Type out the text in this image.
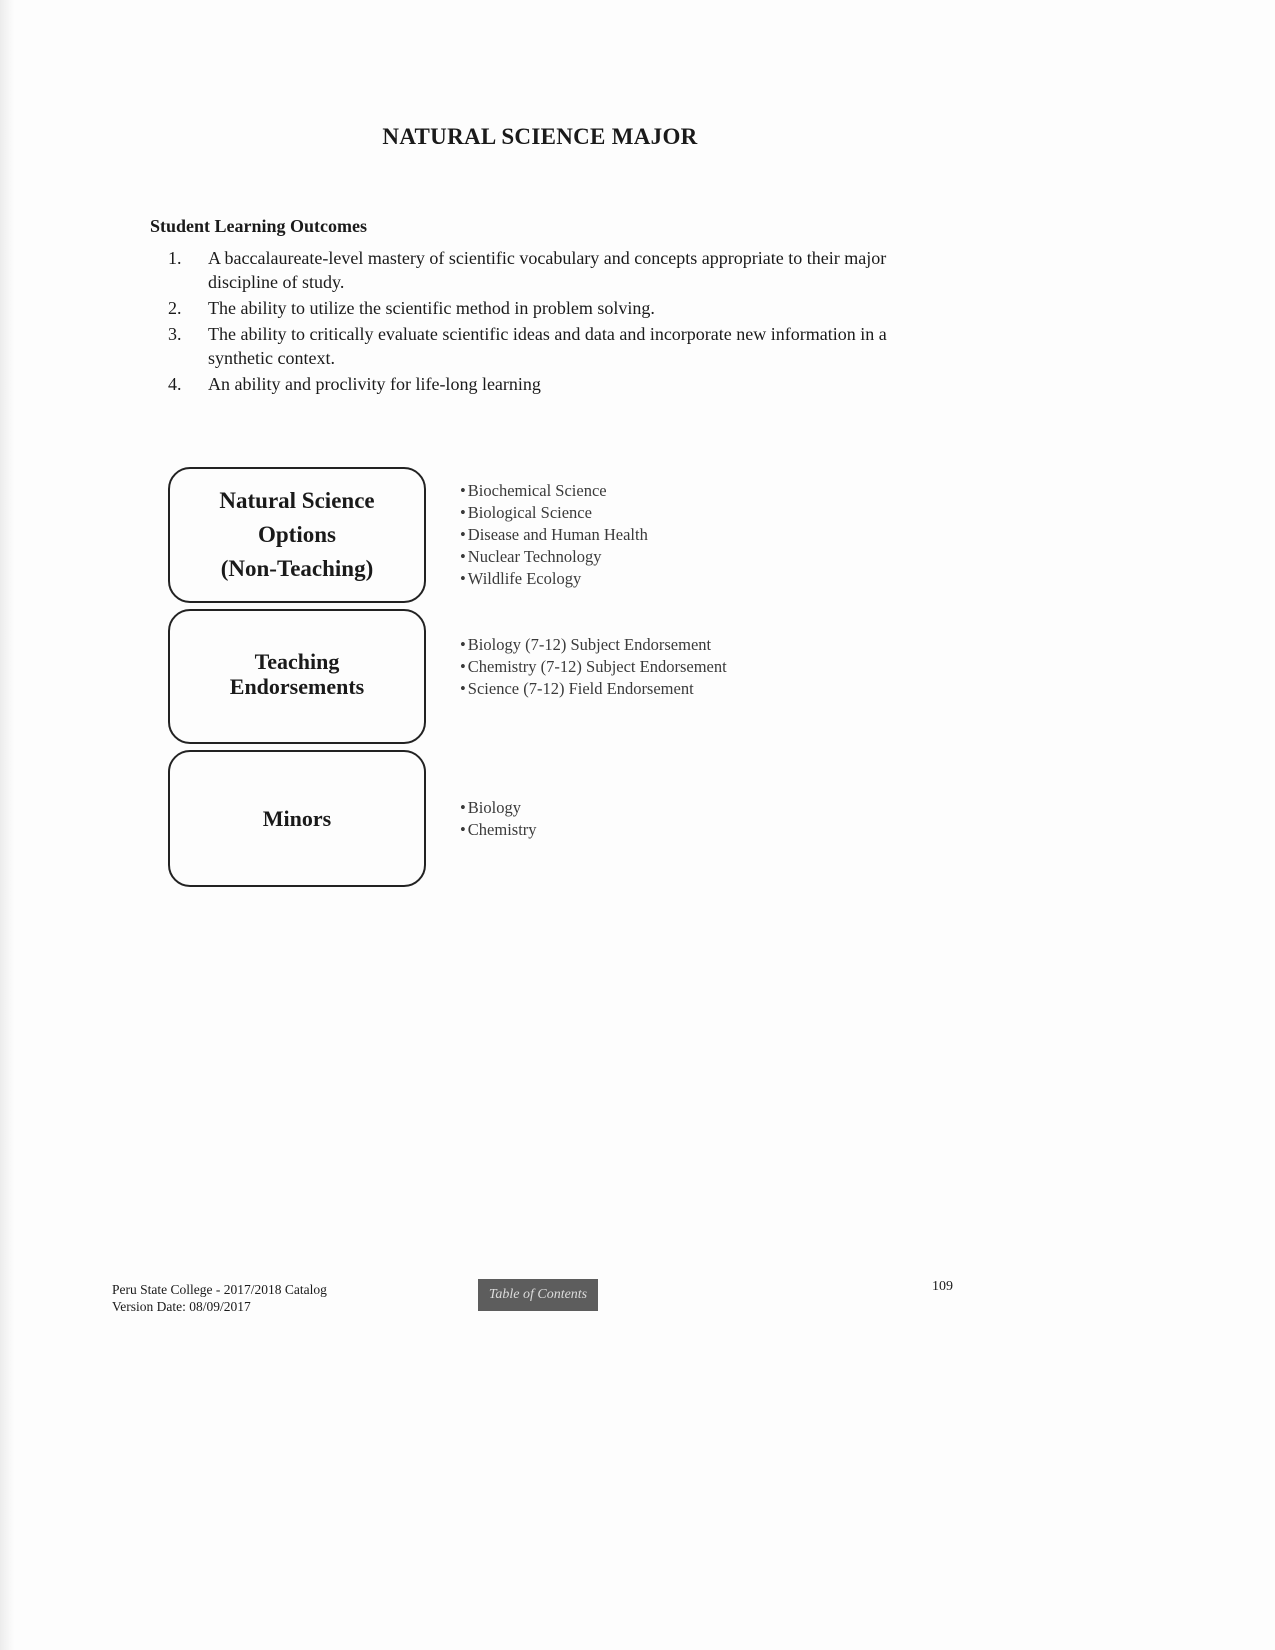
NATURAL SCIENCE MAJOR
Student Learning Outcomes
1.	A baccalaureate-level mastery of scientific vocabulary and concepts appropriate to their major discipline of study.
2.	The ability to utilize the scientific method in problem solving.
3.	The ability to critically evaluate scientific ideas and data and incorporate new information in a synthetic context.
4.	An ability and proclivity for life-long learning
Natural Science
Options
(Non-Teaching)
• Biochemical Science
• Biological Science
• Disease and Human Health
• Nuclear Technology
• Wildlife Ecology
Teaching
Endorsements
• Biology (7-12) Subject Endorsement
• Chemistry (7-12) Subject Endorsement
• Science (7-12) Field Endorsement
Minors
•	Biology
• Chemistry
Peru State College - 2017/2018 Catalog
Version Date: 08/09/2017
Table of Contents
109
